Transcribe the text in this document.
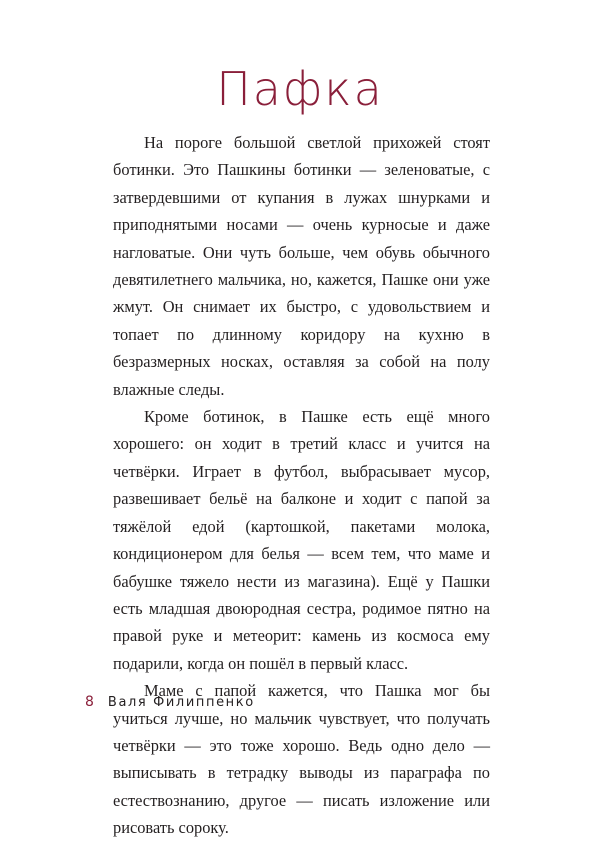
Пафка

На пороге большой светлой прихожей стоят ботинки. Это Пашкины ботинки — зеленоватые, с затвердевшими от купания в лужах шнурками и приподнятыми носами — очень курносые и даже нагловатые. Они чуть больше, чем обувь обычного девятилетнего мальчика, но, кажется, Пашке они уже жмут. Он снимает их быстро, с удовольствием и топает по длинному коридору на кухню в безразмерных носках, оставляя за собой на полу влажные следы.

Кроме ботинок, в Пашке есть ещё много хорошего: он ходит в третий класс и учится на четвёрки. Играет в футбол, выбрасывает мусор, развешивает бельё на балконе и ходит с папой за тяжёлой едой (картошкой, пакетами молока, кондиционером для белья — всем тем, что маме и бабушке тяжело нести из магазина). Ещё у Пашки есть младшая двоюродная сестра, родимое пятно на правой руке и метеорит: камень из космоса ему подарили, когда он пошёл в первый класс.

Маме с папой кажется, что Пашка мог бы учиться лучше, но мальчик чувствует, что получать четвёрки — это тоже хорошо. Ведь одно дело — выписывать в тетрадку выводы из параграфа по естествознанию, другое — писать изложение или рисовать сороку.

8 Валя Филиппенко
